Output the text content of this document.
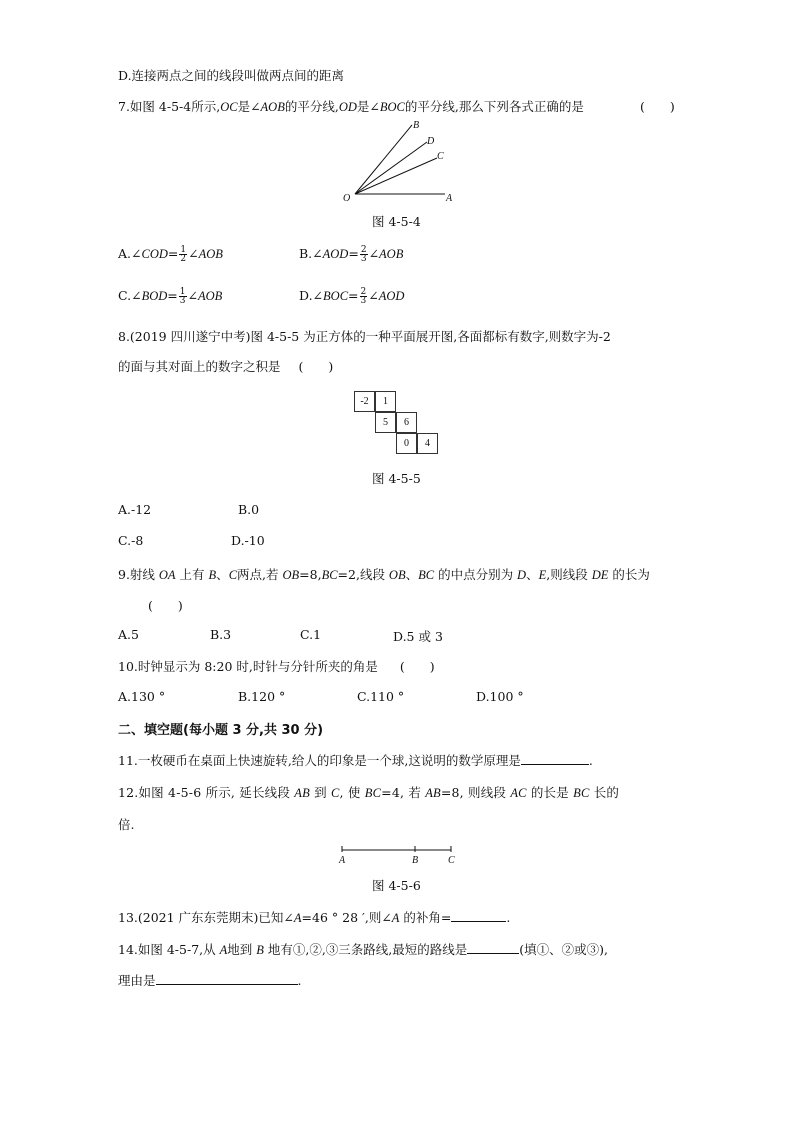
D.连接两点之间的线段叫做两点间的距离
7.如图 4-5-4所示,OC是∠AOB的平分线,OD是∠BOC的平分线,那么下列各式正确的是	(　　)
B
D
C
O	A
图 4-5-4
A.∠COD= $\frac{1}{2}$ ∠AOB	B.∠AOD= $\frac{2}{3}$ ∠AOB
C.∠BOD= $\frac{1}{3}$ ∠AOB	D.∠BOC= $\frac{2}{3}$ ∠AOD
8.(2019 四川遂宁中考)图 4-5-5 为正方体的一种平面展开图,各面都标有数字,则数字为-2
的面与其对面上的数字之积是 (　　)
-2	1
5	6
0	4
图 4-5-5
A.-12	B.0
C.-8	D.-10
9.射线 OA 上有 B、C两点,若 OB=8,BC=2,线段 OB、BC 的中点分别为 D、E,则线段 DE 的长为
(　　)
A.5	B.3	C.1	D.5 或 3
10.时钟显示为 8:20 时,时针与分针所夹的角是 (　　)
A.130 °	B.120 °	C.110 °	D.100 °
二、填空题(每小题 3 分,共 30 分)
11.一枚硬币在桌面上快速旋转,给人的印象是一个球,这说明的数学原理是	.
12.如图 4-5-6 所示, 延长线段 AB 到 C, 使 BC=4, 若 AB=8, 则线段 AC 的长是 BC 长的
倍.
A	B	C
图 4-5-6
13.(2021 广东东莞期末)已知∠A=46 ° 28 ′,则∠A 的补角=	.
14.如图 4-5-7,从 A地到 B 地有①,②,③三条路线,最短的路线是	(填①、②或③),
理由是	.
